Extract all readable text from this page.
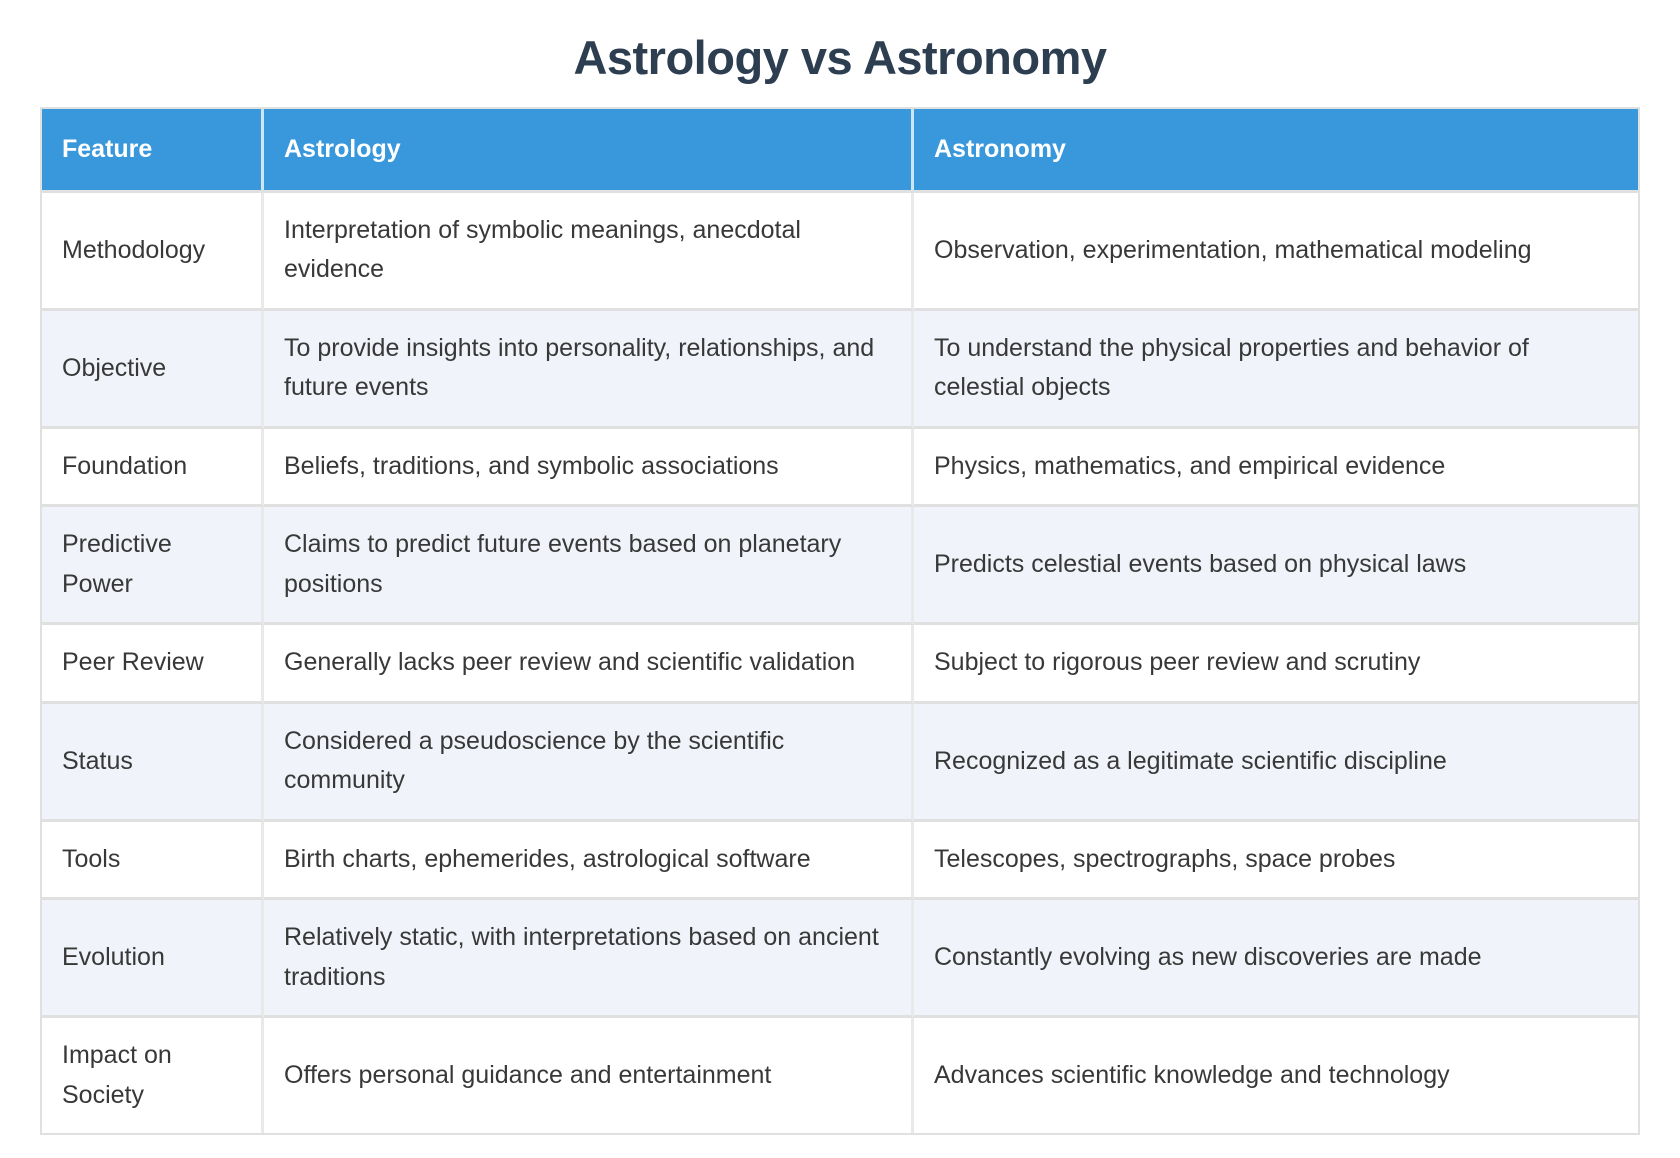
Astrology vs Astronomy
Feature	Astrology	Astronomy
Methodology	Interpretation of symbolic meanings, anecdotal evidence	Observation, experimentation, mathematical modeling
Objective	To provide insights into personality, relationships, and future events	To understand the physical properties and behavior of celestial objects
Foundation	Beliefs, traditions, and symbolic associations	Physics, mathematics, and empirical evidence
Predictive Power	Claims to predict future events based on planetary positions	Predicts celestial events based on physical laws
Peer Review	Generally lacks peer review and scientific validation	Subject to rigorous peer review and scrutiny
Status	Considered a pseudoscience by the scientific community	Recognized as a legitimate scientific discipline
Tools	Birth charts, ephemerides, astrological software	Telescopes, spectrographs, space probes
Evolution	Relatively static, with interpretations based on ancient traditions	Constantly evolving as new discoveries are made
Impact on Society	Offers personal guidance and entertainment	Advances scientific knowledge and technology
